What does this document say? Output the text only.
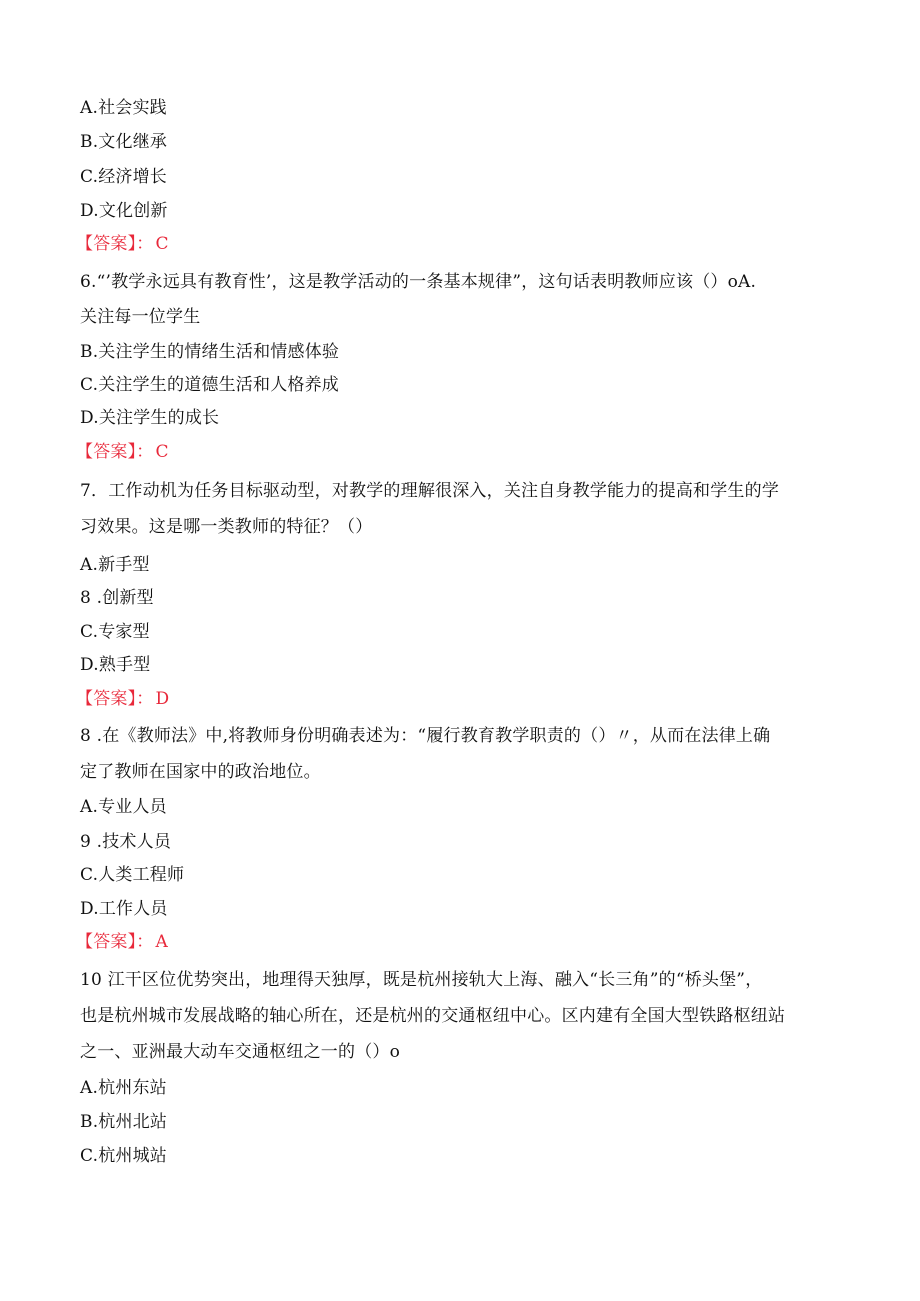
A.社会实践
B.文化继承
C.经济增长
D.文化创新
【答案】： C
6.“’教学永远具有教育性’，这是教学活动的一条基本规律”，这句话表明教师应该（）oA.
关注每一位学生
B.关注学生的情绪生活和情感体验
C.关注学生的道德生活和人格养成
D.关注学生的成长
【答案】： C
7．工作动机为任务目标驱动型，对教学的理解很深入，关注自身教学能力的提高和学生的学
习效果。这是哪一类教师的特征？（）
A.新手型
8 .创新型
C.专家型
D.熟手型
【答案】： D
8 .在《教师法》中,将教师身份明确表述为：“履行教育教学职责的（）〃，从而在法律上确
定了教师在国家中的政治地位。
A.专业人员
9 .技术人员
C.人类工程师
D.工作人员
【答案】： A
10 江干区位优势突出，地理得天独厚，既是杭州接轨大上海、融入“长三角”的“桥头堡”，
也是杭州城市发展战略的轴心所在，还是杭州的交通枢纽中心。区内建有全国大型铁路枢纽站
之一、亚洲最大动车交通枢纽之一的（）o
A.杭州东站
B.杭州北站
C.杭州城站
